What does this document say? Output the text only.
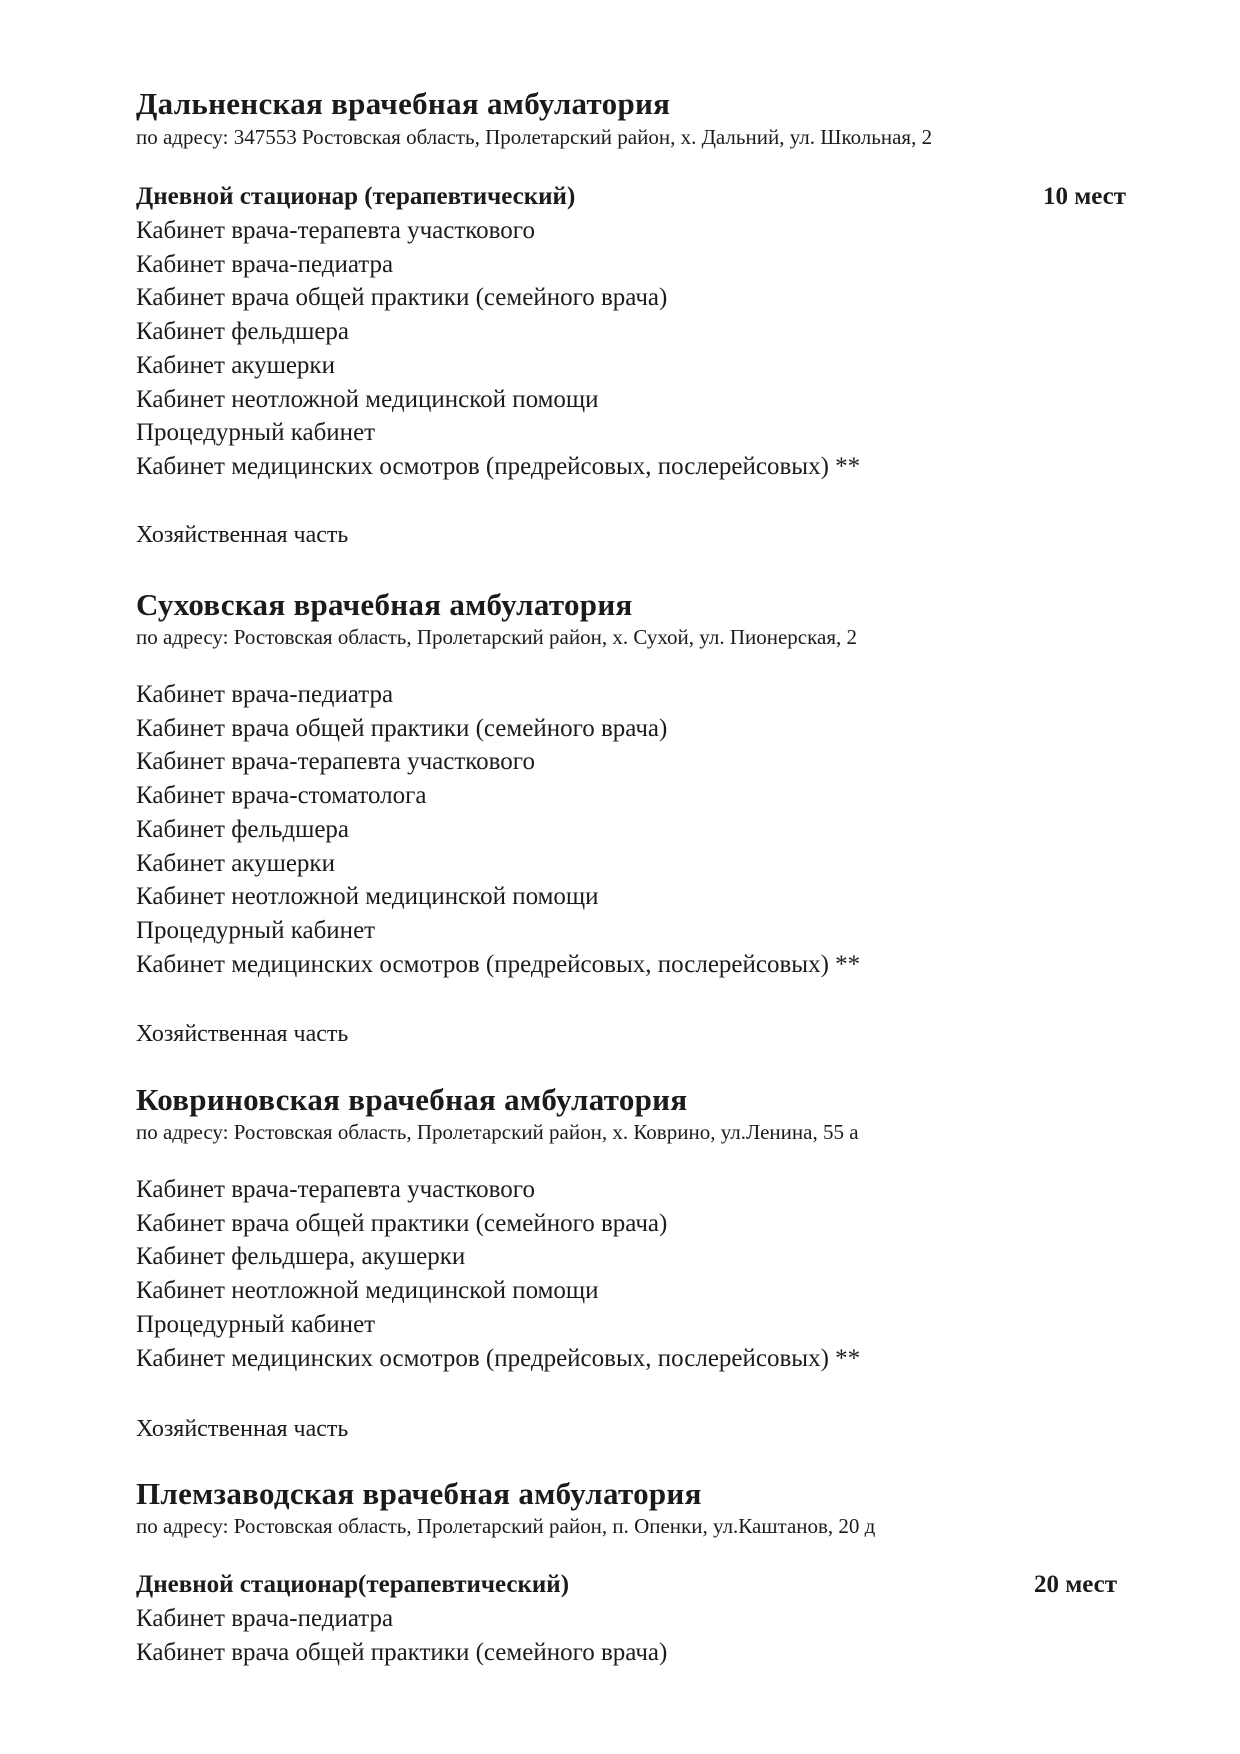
Дальненская врачебная амбулатория
по адресу: 347553 Ростовская область, Пролетарский район, х. Дальний, ул. Школьная, 2
Дневной стационар (терапевтический)	10 мест
Кабинет врача-терапевта участкового
Кабинет врача-педиатра
Кабинет врача общей практики (семейного врача)
Кабинет фельдшера
Кабинет акушерки
Кабинет неотложной медицинской помощи
Процедурный кабинет
Кабинет медицинских осмотров (предрейсовых, послерейсовых) **
Хозяйственная часть
Суховская врачебная амбулатория
по адресу: Ростовская область, Пролетарский район, х. Сухой, ул. Пионерская, 2
Кабинет врача-педиатра
Кабинет врача общей практики (семейного врача)
Кабинет врача-терапевта участкового
Кабинет врача-стоматолога
Кабинет фельдшера
Кабинет акушерки
Кабинет неотложной медицинской помощи
Процедурный кабинет
Кабинет медицинских осмотров (предрейсовых, послерейсовых) **
Хозяйственная часть
Ковриновская врачебная амбулатория
по адресу: Ростовская область, Пролетарский район, х. Коврино, ул.Ленина, 55 а
Кабинет врача-терапевта участкового
Кабинет врача общей практики (семейного врача)
Кабинет фельдшера, акушерки
Кабинет неотложной медицинской помощи
Процедурный кабинет
Кабинет медицинских осмотров (предрейсовых, послерейсовых) **
Хозяйственная часть
Племзаводская врачебная амбулатория
по адресу: Ростовская область, Пролетарский район, п. Опенки, ул.Каштанов, 20 д
Дневной стационар(терапевтический)	20 мест
Кабинет врача-педиатра
Кабинет врача общей практики (семейного врача)
